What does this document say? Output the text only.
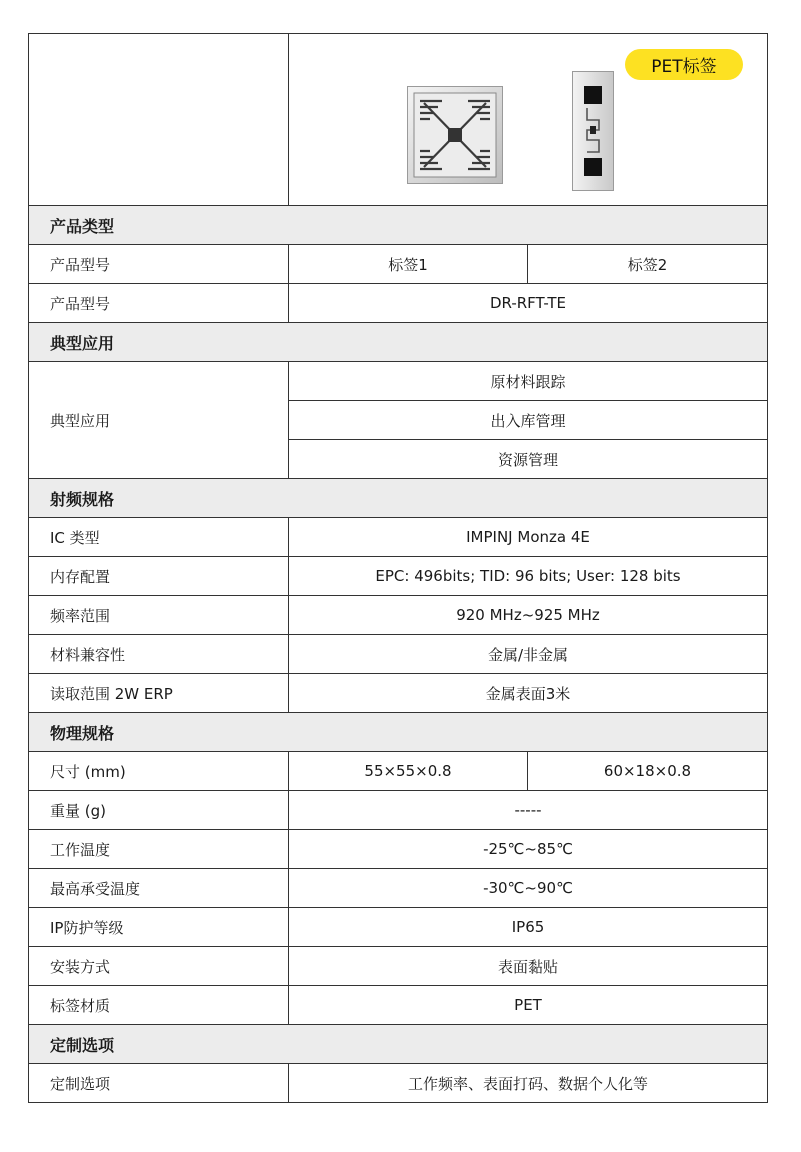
PET标签	

产品类型		
产品型号	标签1	标签2
产品型号	DR-RFT-TE	
典型应用		
典型应用	原材料跟踪	
	出入库管理	
	资源管理	
射频规格		
IC 类型	IMPINJ Monza 4E	
内存配置	EPC: 496bits; TID: 96 bits; User: 128 bits	
频率范围	920 MHz~925 MHz	
材料兼容性	金属/非金属	
读取范围 2W ERP	金属表面3米	
物理规格		
尺寸 (mm)	55×55×0.8	60×18×0.8
重量 (g)	-----	
工作温度	-25℃~85℃	
最高承受温度	-30℃~90℃	
IP防护等级	IP65	
安装方式	表面黏贴	
标签材质	PET	
定制选项		
定制选项	工作频率、表面打码、数据个人化等	
